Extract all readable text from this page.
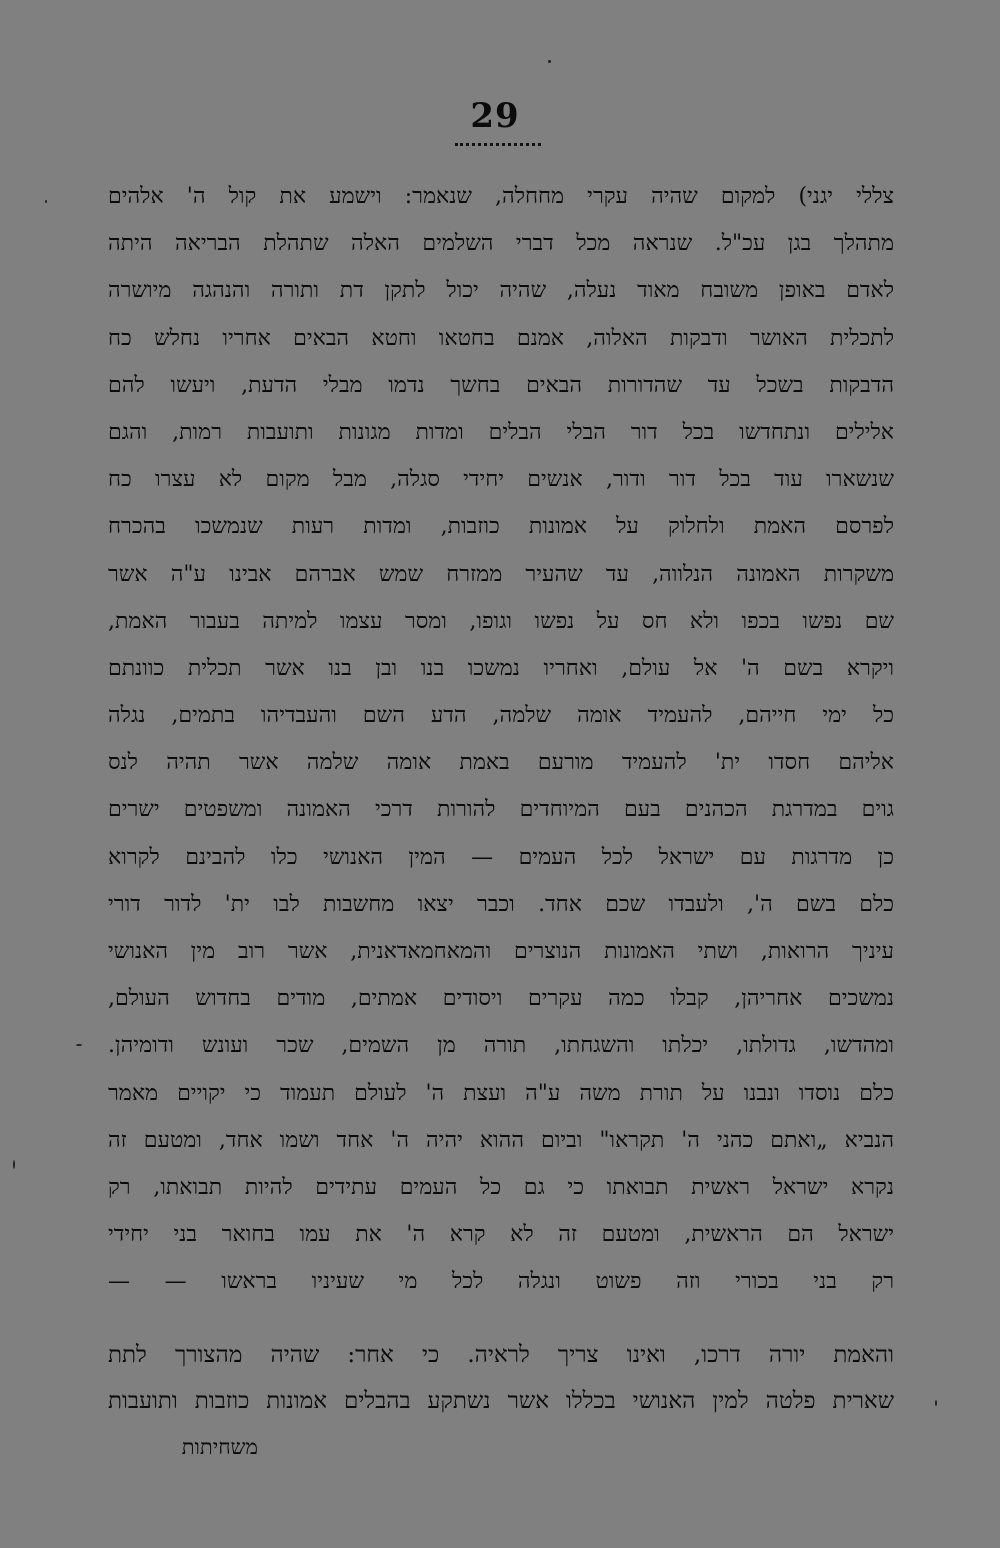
29
צללי יגני) למקום שהיה עקרי מחחלה, שנאמר: וישמע את קול ה' אלהים
מתהלך בגן עכ"ל. שנראה מכל דברי השלמים האלה שתהלת הבריאה היתה
לאדם באופן משובח מאוד נעלה, שהיה יכול לתקן דת ותורה והנהגה מיושרה
לתכלית האושר ודבקות האלוה, אמנם בחטאו וחטא הבאים אחריו נחלש כח
הדבקות בשכל עד שהדורות הבאים בחשך נדמו מבלי הדעת, ויעשו להם
אלילים ונתחדשו בכל דור הבלי הבלים ומדות מגונות ותועבות רמות, והגם
שנשארו עוד בכל דור ודור, אנשים יחידי סגלה, מבל מקום לא עצרו כח
לפרסם האמת ולחלוק על אמונות כוזבות, ומדות רעות שנמשכו בהכרח
משקרות האמונה הנלווה, עד שהעיר ממזרח שמש אברהם אבינו ע"ה אשר
שם נפשו בכפו ולא חס על נפשו וגופו, ומסר עצמו למיתה בעבור האמת,
ויקרא בשם ה' אל עולם, ואחריו נמשכו בנו ובן בנו אשר תכלית כוונתם
כל ימי חייהם, להעמיד אומה שלמה, הדע השם והעבדיהו בתמים, נגלה
אליהם חסדו ית' להעמיד מורעם באמת אומה שלמה אשר תהיה לנס
גוים במדרגת הכהנים בעם המיוחדים להורות דרכי האמונה ומשפטים ישרים
כן מדרגות עם ישראל לכל העמים — המין האנושי כלו להבינם לקרוא
כלם בשם ה', ולעבדו שכם אחד. וכבר יצאו מחשבות לבו ית' לדור דורי
עיניך הרואות, ושתי האמונות הנוצרים והמאחמאדאנית, אשר רוב מין האנושי
נמשכים אחריהן, קבלו כמה עקרים ויסודים אמתים, מודים בחדוש העולם,
ומהדשו, גדולתו, יכלתו והשגחתו, תורה מן השמים, שכר ועונש ודומיהן.
כלם נוסדו ונבנו על תורת משה ע"ה ועצת ה' לעולם תעמוד כי יקויים מאמר
הנביא „ואתם כהני ה' תקראו" וביום ההוא יהיה ה' אחד ושמו אחד, ומטעם זה
נקרא ישראל ראשית תבואתו כי גם כל העמים עתידים להיות תבואתו, רק
ישראל הם הראשית, ומטעם זה לא קרא ה' את עמו בחואר בני יחידי
רק בני בכורי וזה פשוט ונגלה לכל מי שעיניו בראשו — —
והאמת יורה דרכו, ואינו צריך לראיה. כי אחר: שהיה מהצורך לתת
שארית פלטה למין האנושי בכללו אשר נשתקע בהבלים אמונות כוזבות ותועבות
משחיתות
